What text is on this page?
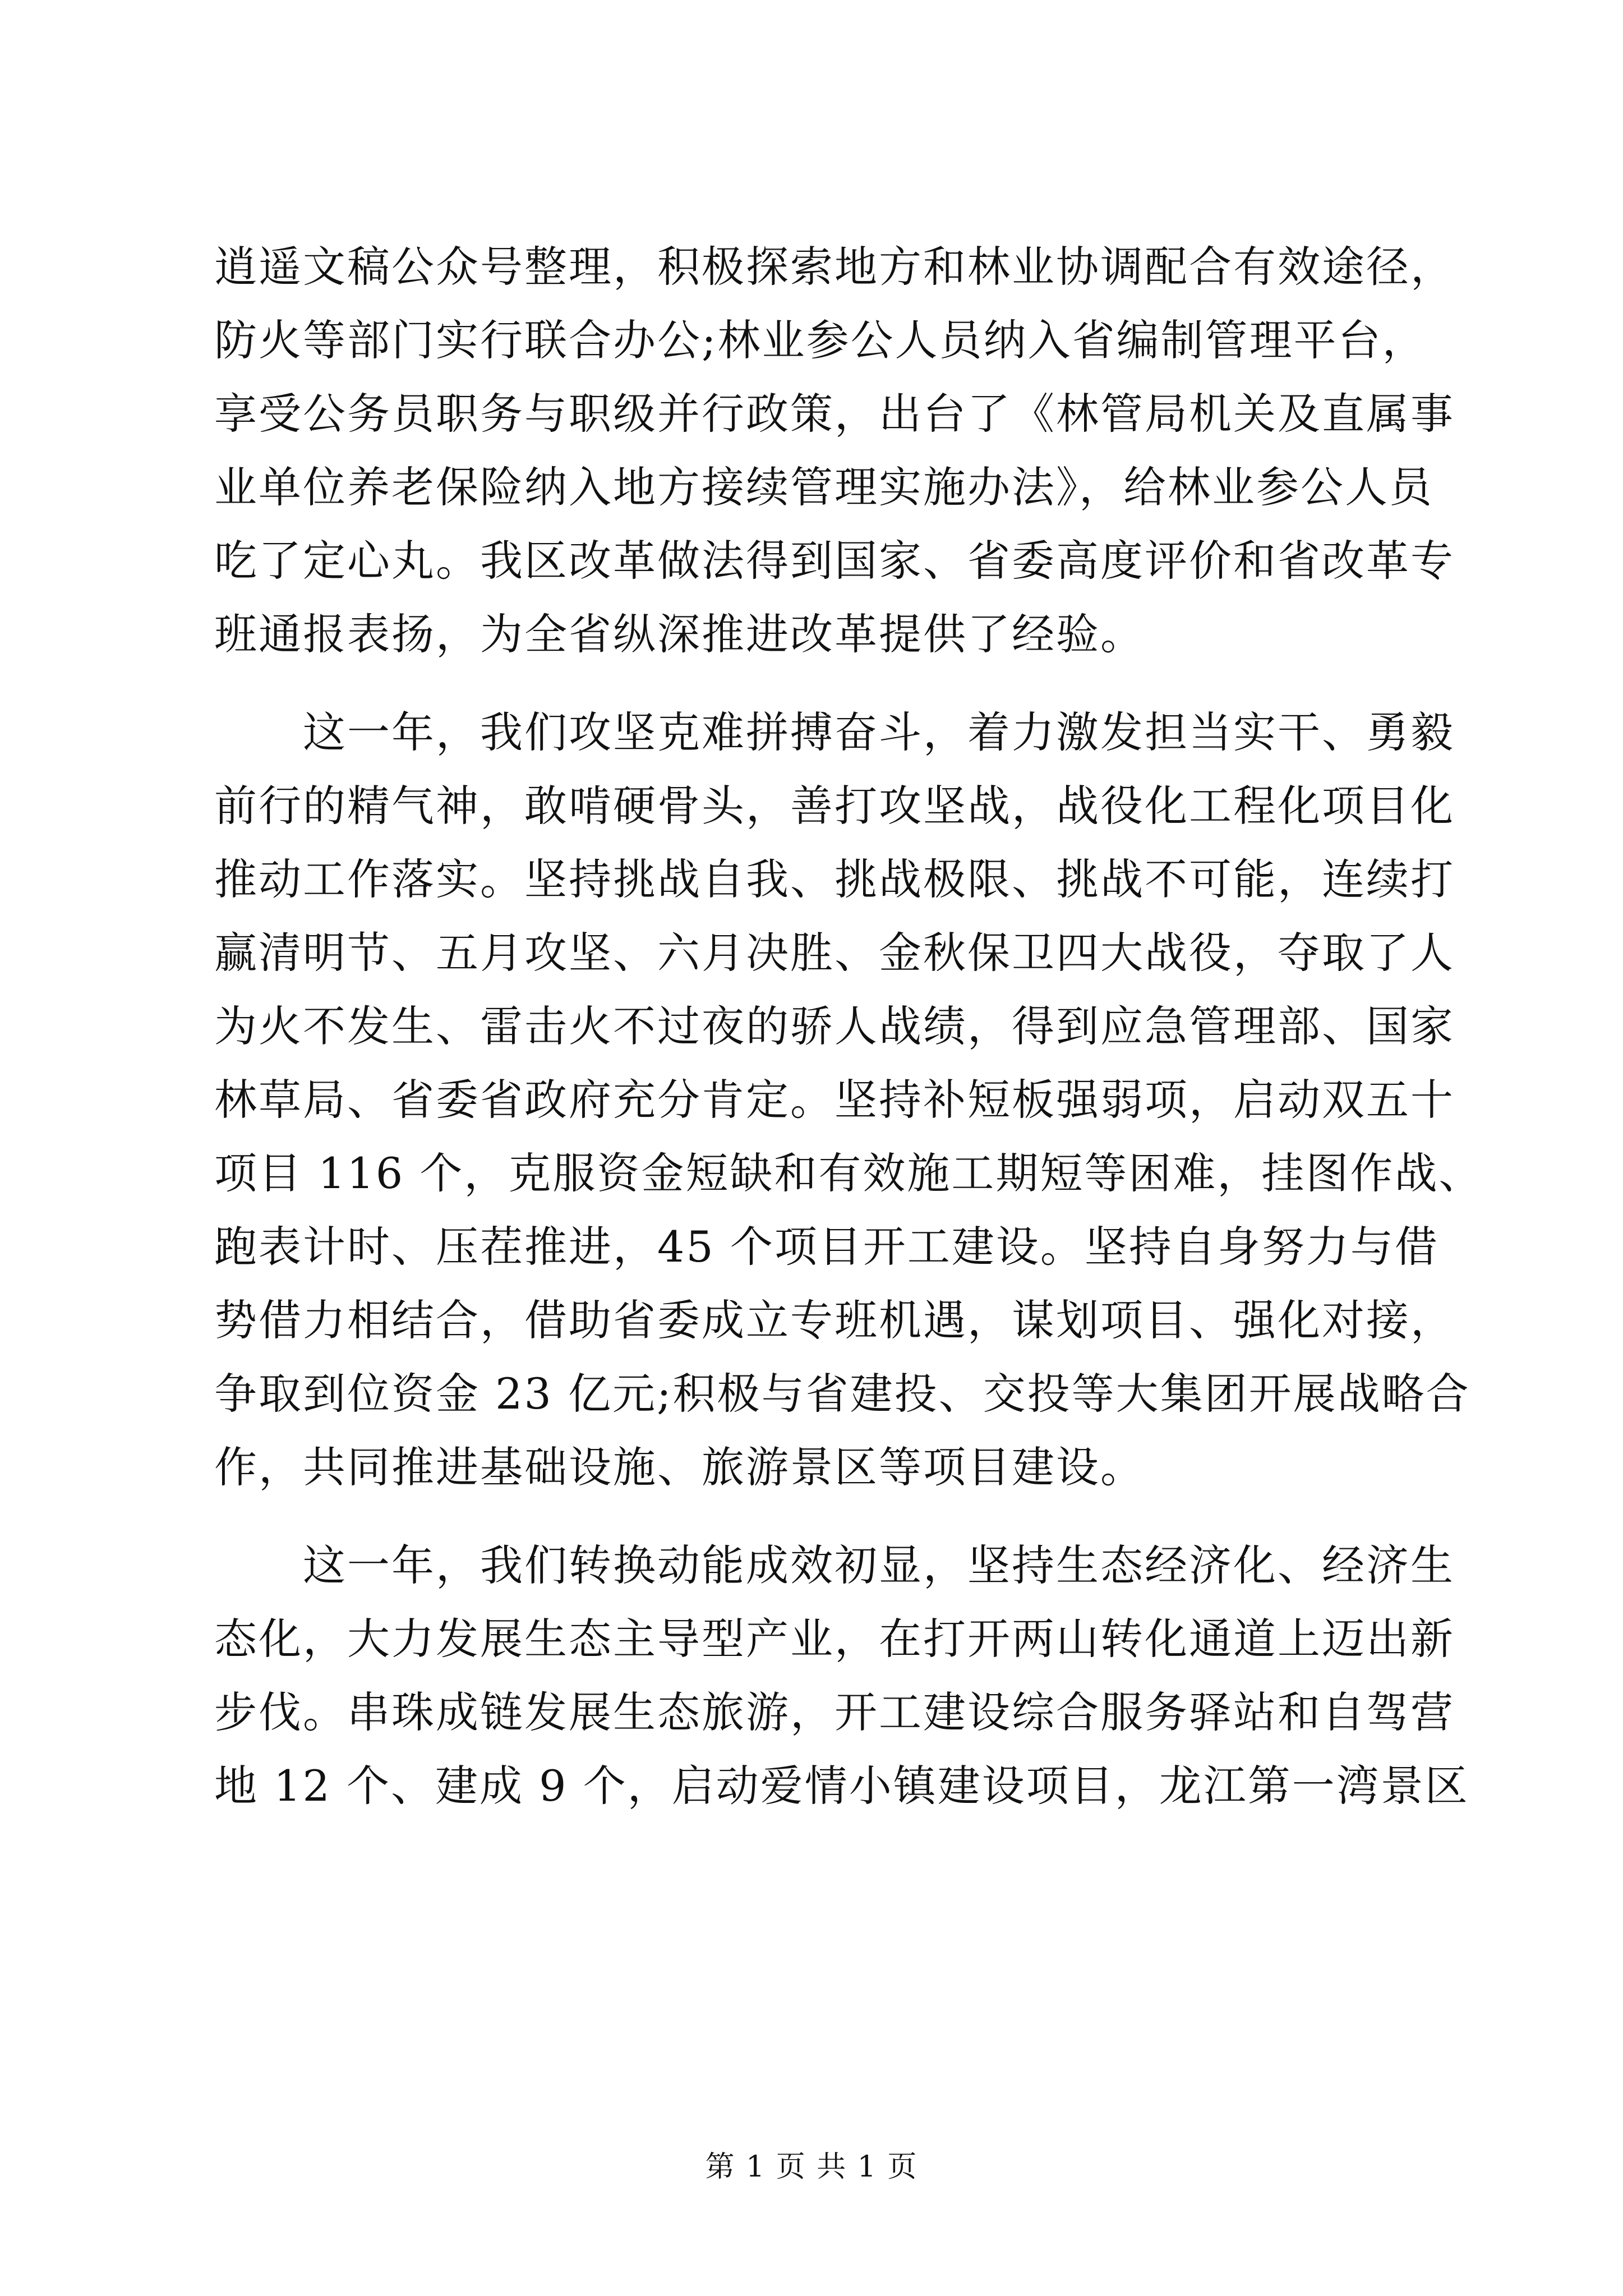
逍遥文稿公众号整理，积极探索地方和林业协调配合有效途径，
防火等部门实行联合办公;林业参公人员纳入省编制管理平台，
享受公务员职务与职级并行政策，出台了《林管局机关及直属事
业单位养老保险纳入地方接续管理实施办法》，给林业参公人员
吃了定心丸。我区改革做法得到国家、省委高度评价和省改革专
班通报表扬，为全省纵深推进改革提供了经验。
　　这一年，我们攻坚克难拼搏奋斗，着力激发担当实干、勇毅
前行的精气神，敢啃硬骨头，善打攻坚战，战役化工程化项目化
推动工作落实。坚持挑战自我、挑战极限、挑战不可能，连续打
赢清明节、五月攻坚、六月决胜、金秋保卫四大战役，夺取了人
为火不发生、雷击火不过夜的骄人战绩，得到应急管理部、国家
林草局、省委省政府充分肯定。坚持补短板强弱项，启动双五十
项目 116 个，克服资金短缺和有效施工期短等困难，挂图作战、
跑表计时、压茬推进，45 个项目开工建设。坚持自身努力与借
势借力相结合，借助省委成立专班机遇，谋划项目、强化对接，
争取到位资金 23 亿元;积极与省建投、交投等大集团开展战略合
作，共同推进基础设施、旅游景区等项目建设。
　　这一年，我们转换动能成效初显，坚持生态经济化、经济生
态化，大力发展生态主导型产业，在打开两山转化通道上迈出新
步伐。串珠成链发展生态旅游，开工建设综合服务驿站和自驾营
地 12 个、建成 9 个，启动爱情小镇建设项目，龙江第一湾景区
第 1 页 共 1 页
